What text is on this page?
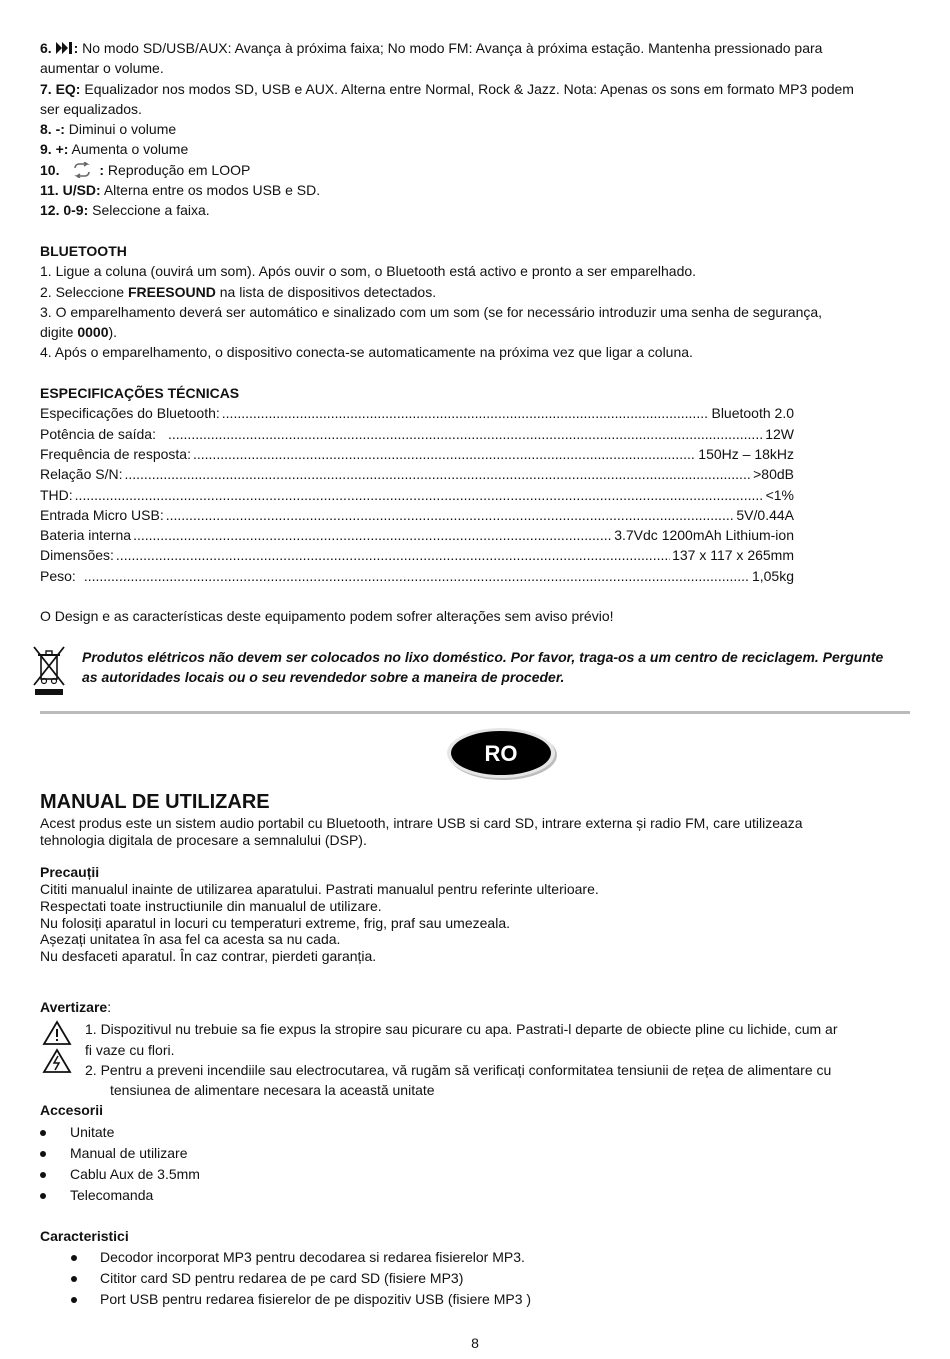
6. : No modo SD/USB/AUX: Avança à próxima faixa; No modo FM: Avança à próxima estação. Mantenha pressionado para
aumentar o volume.
7. EQ: Equalizador nos modos SD, USB e AUX. Alterna entre Normal, Rock & Jazz. Nota: Apenas os sons em formato MP3 podem
ser equalizados.
8. -: Diminui o volume
9. +: Aumenta o volume
10.	: Reprodução em LOOP
11. U/SD: Alterna entre os modos USB e SD.
12. 0-9: Seleccione a faixa.
BLUETOOTH
1. Ligue a coluna (ouvirá um som). Após ouvir o som, o Bluetooth está activo e pronto a ser emparelhado.
2. Seleccione FREESOUND na lista de dispositivos detectados.
3. O emparelhamento deverá ser automático e sinalizado com um som (se for necessário introduzir uma senha de segurança,
digite 0000).
4. Após o emparelhamento, o dispositivo conecta-se automaticamente na próxima vez que ligar a coluna.
ESPECIFICAÇÕES TÉCNICAS
Especificações do Bluetooth: .....	Bluetooth 2.0
Potência de saída: .....	12W
Frequência de resposta: .....	150Hz – 18kHz
Relação S/N: .....	>80dB
THD: .....	<1%
Entrada Micro USB: .....	5V/0.44A
Bateria interna .....	3.7Vdc 1200mAh Lithium-ion
Dimensões: .....	137 x 117 x 265mm
Peso: .....	1,05kg
O Design e as características deste equipamento podem sofrer alterações sem aviso prévio!
Produtos elétricos não devem ser colocados no lixo doméstico. Por favor, traga-os a um centro de reciclagem. Pergunte
as autoridades locais ou o seu revendedor sobre a maneira de proceder.
RO
MANUAL DE UTILIZARE
Acest produs este un sistem audio portabil cu Bluetooth, intrare USB si card SD, intrare externa și radio FM, care utilizeaza
tehnologia digitala de procesare a semnalului (DSP).
Precauții
Cititi manualul inainte de utilizarea aparatului. Pastrati manualul pentru referinte ulterioare.
Respectati toate instructiunile din manualul de utilizare.
Nu folosiți aparatul in locuri cu temperaturi extreme, frig, praf sau umezeala.
Așezați unitatea în asa fel ca acesta sa nu cada.
Nu desfaceti aparatul. În caz contrar, pierdeti garanția.
Avertizare:
1. Dispozitivul nu trebuie sa fie expus la stropire sau picurare cu apa. Pastrati-l departe de obiecte pline cu lichide, cum ar
fi vaze cu flori.
2. Pentru a preveni incendiile sau electrocutarea, vă rugăm să verificați conformitatea tensiunii de rețea de alimentare cu
tensiunea de alimentare necesara la această unitate
Accesorii
Unitate
Manual de utilizare
Cablu Aux de 3.5mm
Telecomanda
Caracteristici
Decodor incorporat MP3 pentru decodarea si redarea fisierelor MP3.
Cititor card SD pentru redarea de pe card SD (fisiere MP3)
Port USB pentru redarea fisierelor de pe dispozitiv USB (fisiere MP3 )
8
